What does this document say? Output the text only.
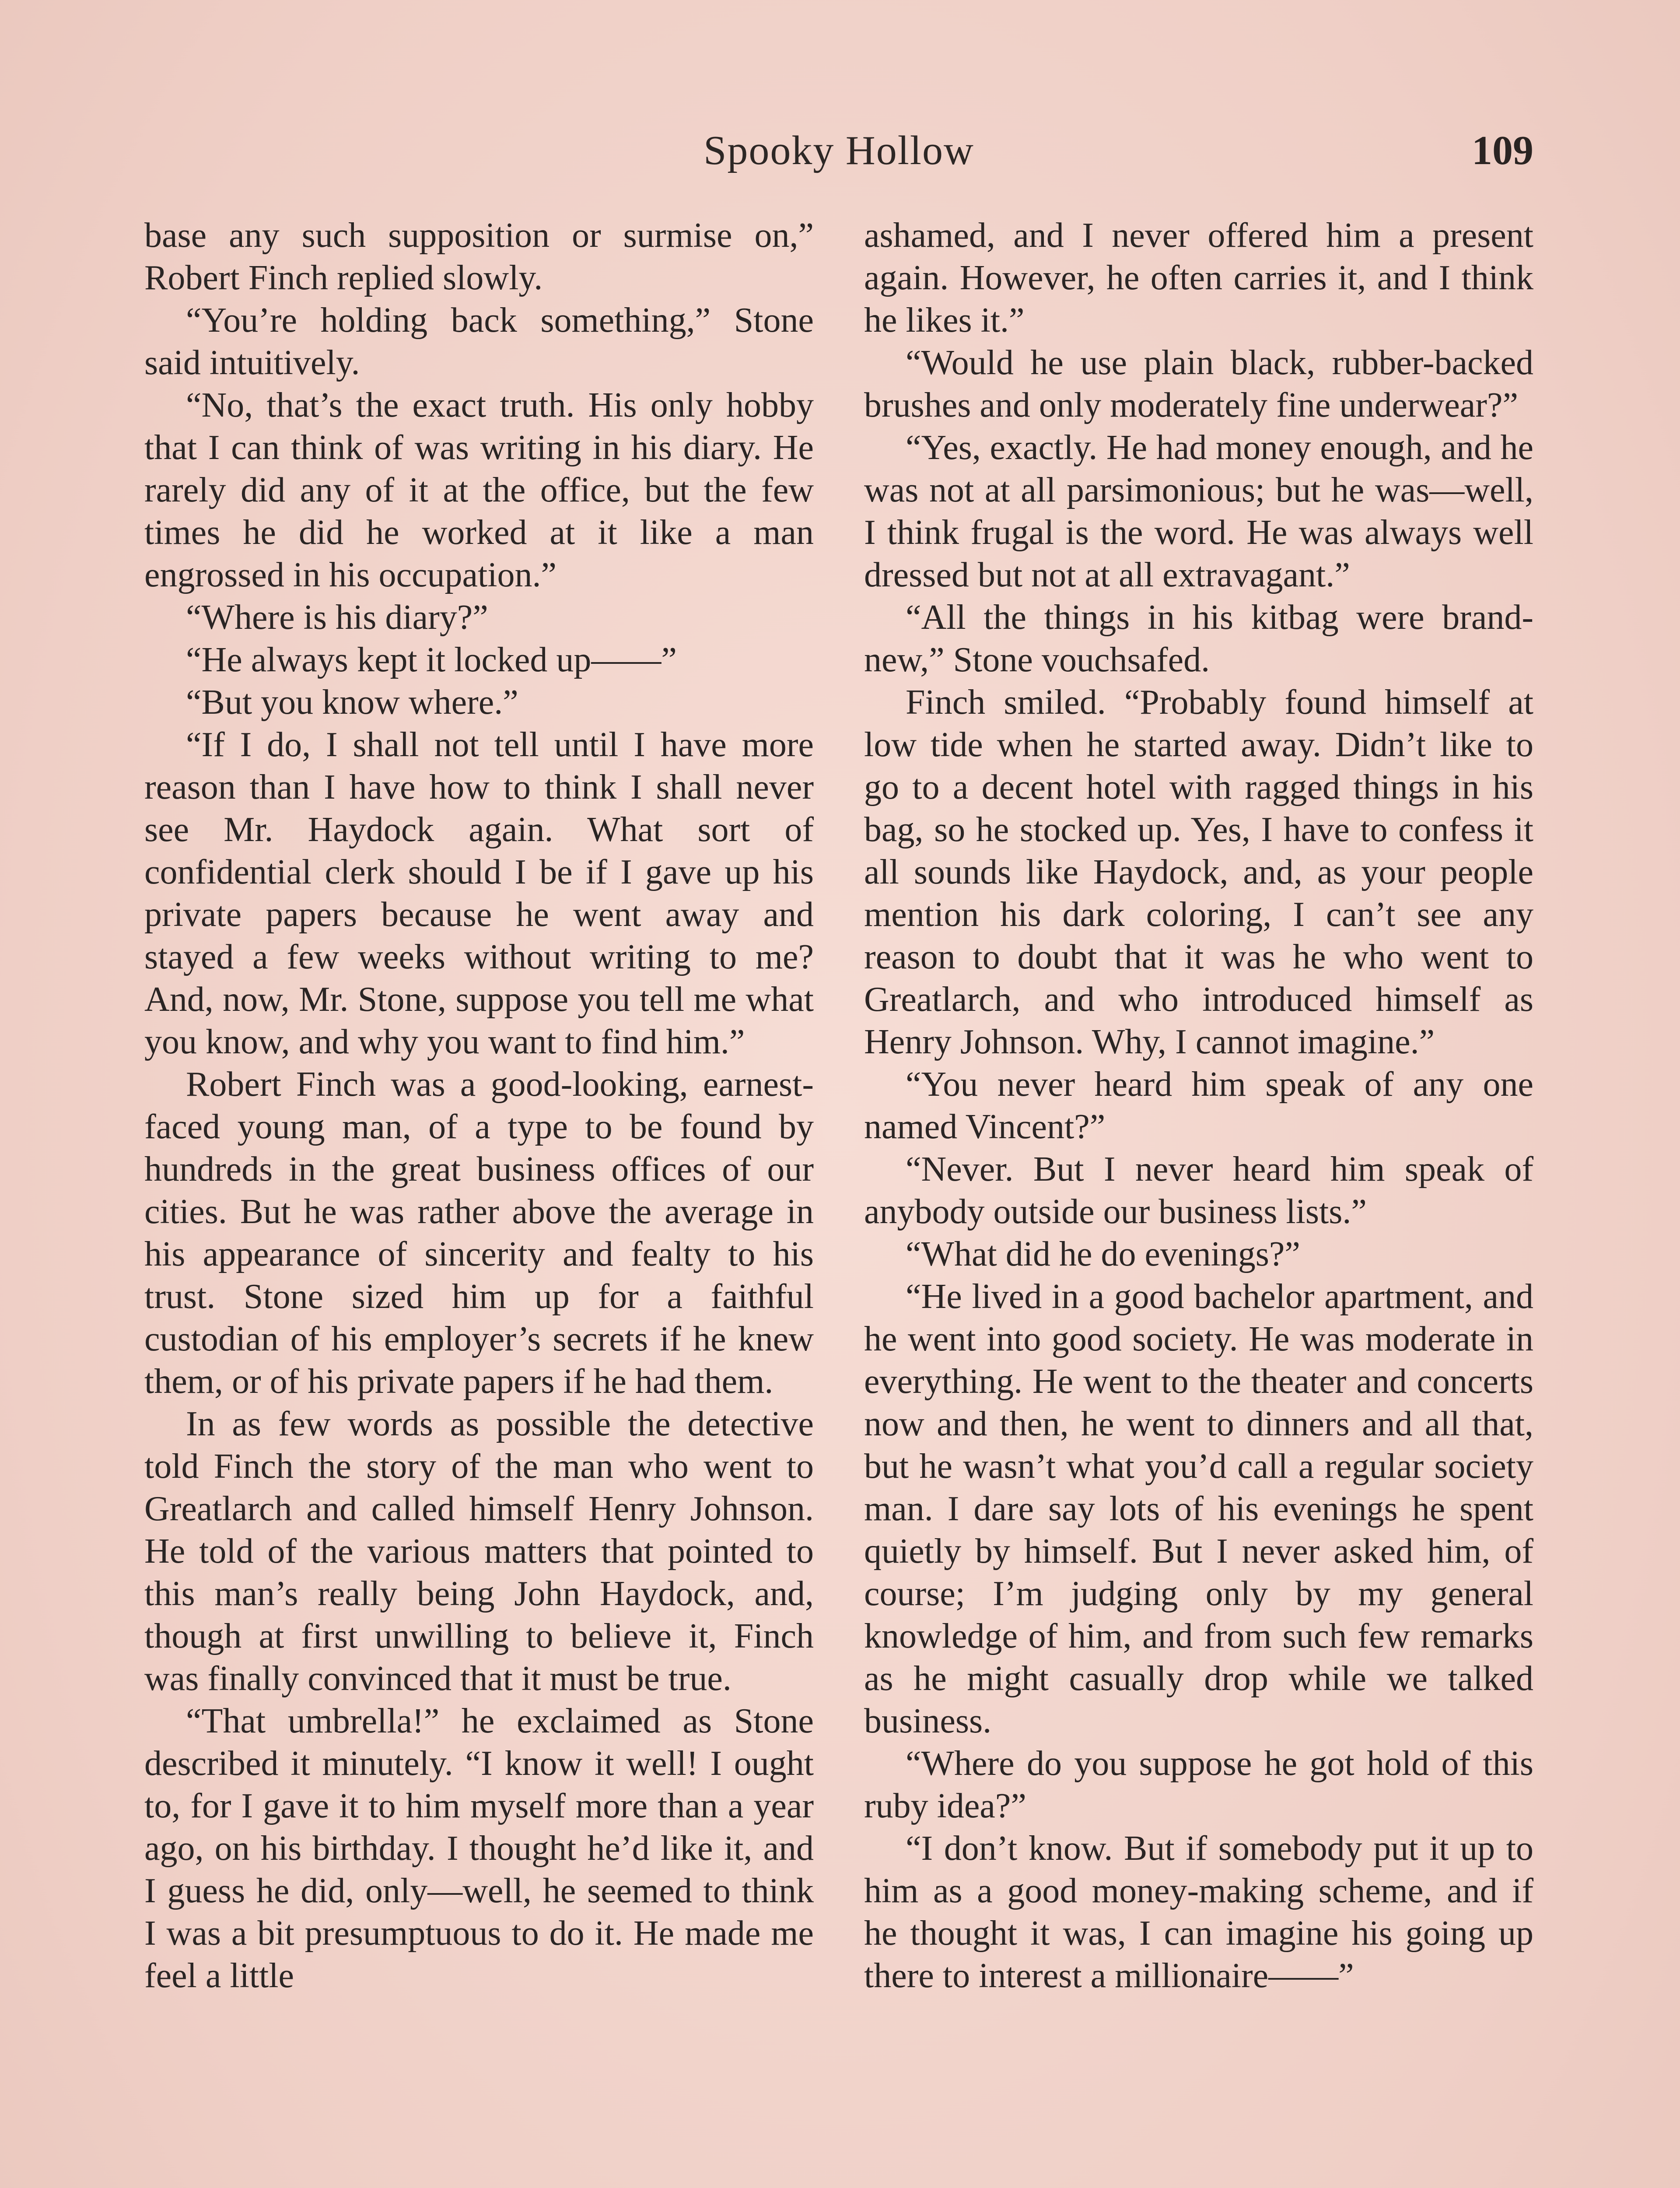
Spooky Hollow	109

base any such supposition or surmise on,” Robert Finch replied slowly.

“You’re holding back something,” Stone said intuitively.

“No, that’s the exact truth. His only hobby that I can think of was writing in his diary. He rarely did any of it at the office, but the few times he did he worked at it like a man engrossed in his occupation.”

“Where is his diary?”

“He always kept it locked up——”

“But you know where.”

“If I do, I shall not tell until I have more reason than I have how to think I shall never see Mr. Haydock again. What sort of confidential clerk should I be if I gave up his private papers because he went away and stayed a few weeks without writing to me? And, now, Mr. Stone, suppose you tell me what you know, and why you want to find him.”

Robert Finch was a good-looking, earnest-faced young man, of a type to be found by hundreds in the great business offices of our cities. But he was rather above the average in his appearance of sincerity and fealty to his trust. Stone sized him up for a faithful custodian of his employer’s secrets if he knew them, or of his private papers if he had them.

In as few words as possible the detective told Finch the story of the man who went to Greatlarch and called himself Henry Johnson. He told of the various matters that pointed to this man’s really being John Haydock, and, though at first unwilling to believe it, Finch was finally convinced that it must be true.

“That umbrella!” he exclaimed as Stone described it minutely. “I know it well! I ought to, for I gave it to him myself more than a year ago, on his birthday. I thought he’d like it, and I guess he did, only—well, he seemed to think I was a bit presumptuous to do it. He made me feel a little

ashamed, and I never offered him a present again. However, he often carries it, and I think he likes it.”

“Would he use plain black, rubber-backed brushes and only moderately fine underwear?”

“Yes, exactly. He had money enough, and he was not at all parsimonious; but he was—well, I think frugal is the word. He was always well dressed but not at all extravagant.”

“All the things in his kitbag were brand-new,” Stone vouchsafed.

Finch smiled. “Probably found himself at low tide when he started away. Didn’t like to go to a decent hotel with ragged things in his bag, so he stocked up. Yes, I have to confess it all sounds like Haydock, and, as your people mention his dark coloring, I can’t see any reason to doubt that it was he who went to Greatlarch, and who introduced himself as Henry Johnson. Why, I cannot imagine.”

“You never heard him speak of any one named Vincent?”

“Never. But I never heard him speak of anybody outside our business lists.”

“What did he do evenings?”

“He lived in a good bachelor apartment, and he went into good society. He was moderate in everything. He went to the theater and concerts now and then, he went to dinners and all that, but he wasn’t what you’d call a regular society man. I dare say lots of his evenings he spent quietly by himself. But I never asked him, of course; I’m judging only by my general knowledge of him, and from such few remarks as he might casually drop while we talked business.

“Where do you suppose he got hold of this ruby idea?”

“I don’t know. But if somebody put it up to him as a good money-making scheme, and if he thought it was, I can imagine his going up there to interest a millionaire——”
